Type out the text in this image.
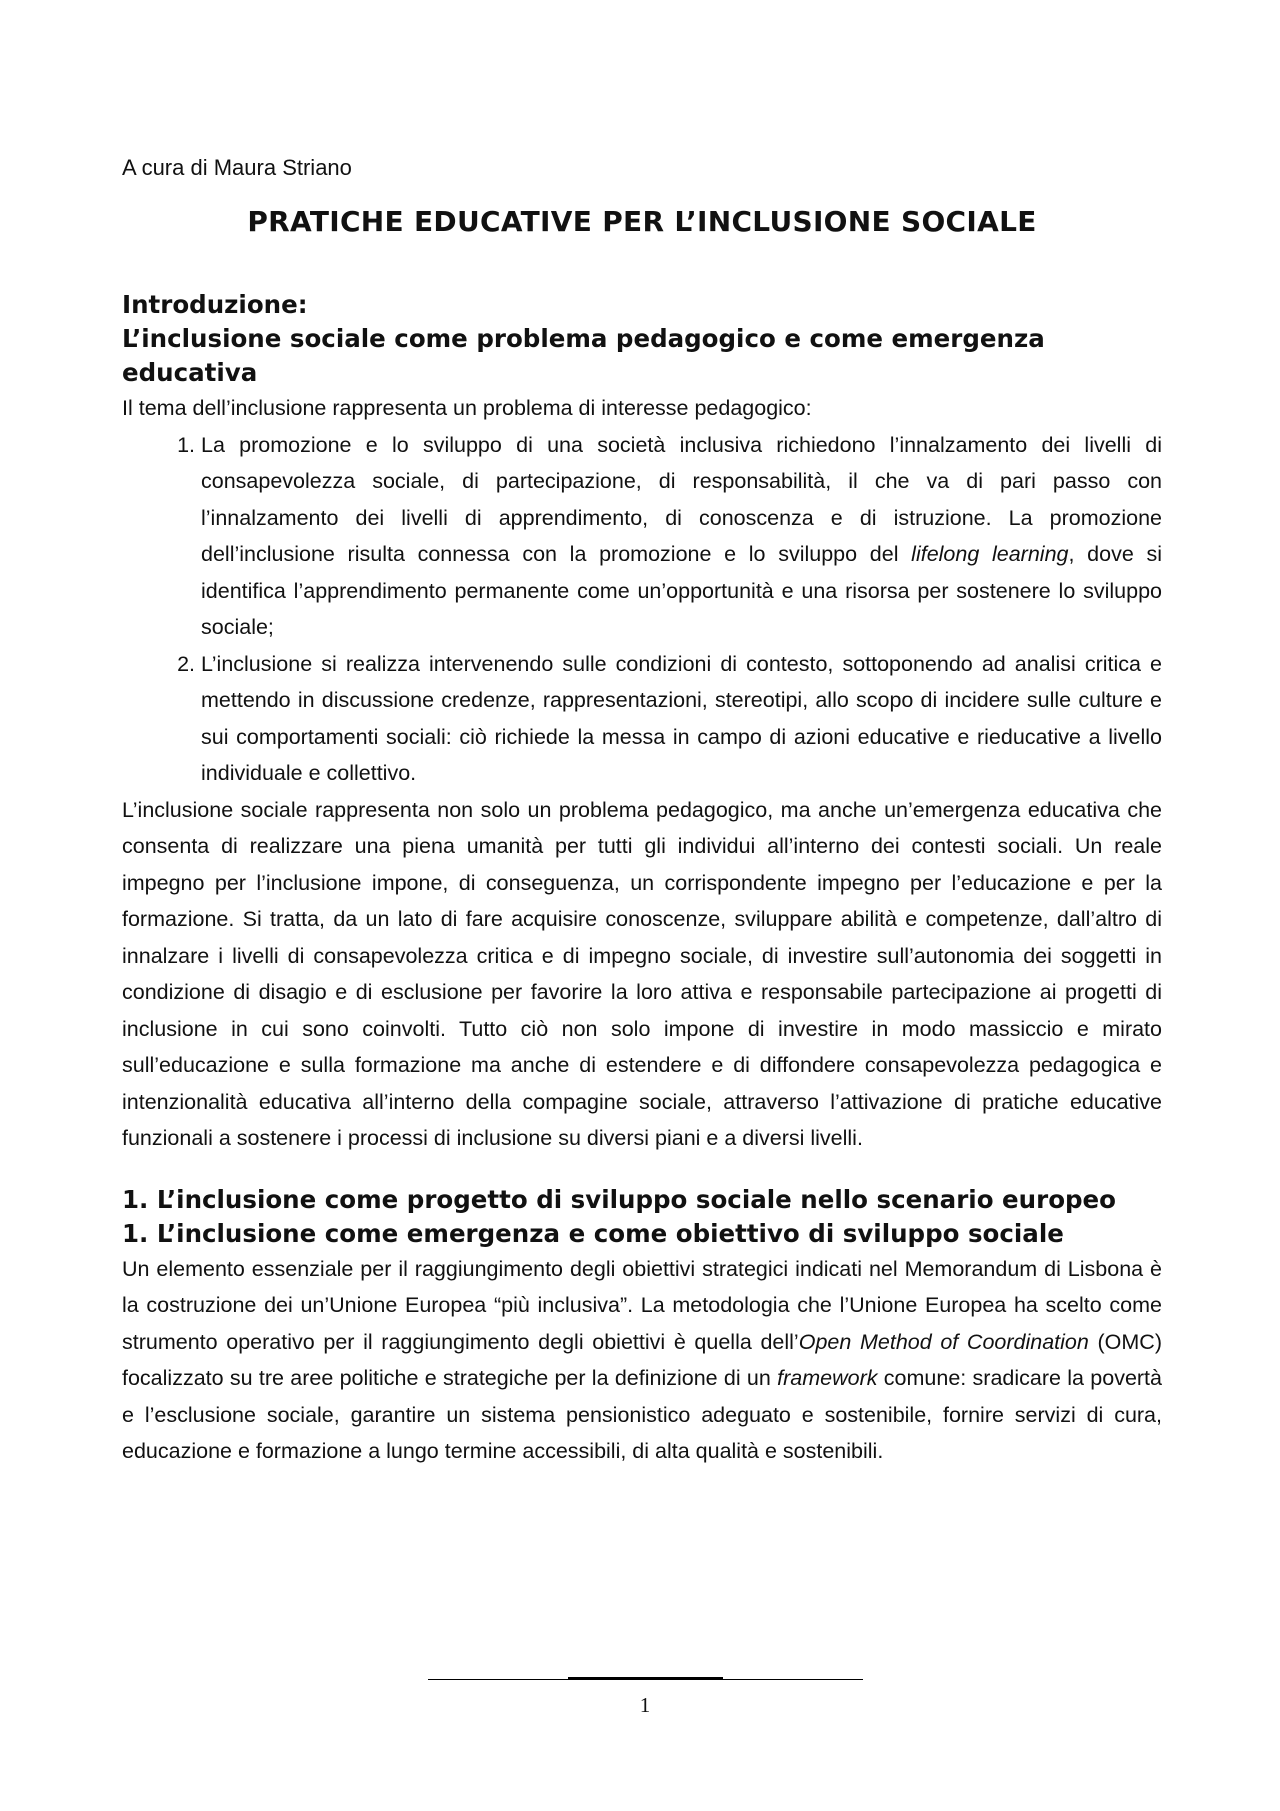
A cura di Maura Striano

PRATICHE EDUCATIVE PER L’INCLUSIONE SOCIALE
Introduzione:
L’inclusione sociale come problema pedagogico e come emergenza educativa

Il tema dell’inclusione rappresenta un problema di interesse pedagogico:

1. La promozione e lo sviluppo di una società inclusiva richiedono l’innalzamento dei livelli di consapevolezza sociale, di partecipazione, di responsabilità, il che va di pari passo con l’innalzamento dei livelli di apprendimento, di conoscenza e di istruzione. La promozione dell’inclusione risulta connessa con la promozione e lo sviluppo del lifelong learning, dove si identifica l’apprendimento permanente come un’opportunità e una risorsa per sostenere lo sviluppo sociale;
2. L’inclusione si realizza intervenendo sulle condizioni di contesto, sottoponendo ad analisi critica e mettendo in discussione credenze, rappresentazioni, stereotipi, allo scopo di incidere sulle culture e sui comportamenti sociali: ciò richiede la messa in campo di azioni educative e rieducative a livello individuale e collettivo.

L’inclusione sociale rappresenta non solo un problema pedagogico, ma anche un’emergenza educativa che consenta di realizzare una piena umanità per tutti gli individui all’interno dei contesti sociali. Un reale impegno per l’inclusione impone, di conseguenza, un corrispondente impegno per l’educazione e per la formazione. Si tratta, da un lato di fare acquisire conoscenze, sviluppare abilità e competenze, dall’altro di innalzare i livelli di consapevolezza critica e di impegno sociale, di investire sull’autonomia dei soggetti in condizione di disagio e di esclusione per favorire la loro attiva e responsabile partecipazione ai progetti di inclusione in cui sono coinvolti. Tutto ciò non solo impone di investire in modo massiccio e mirato sull’educazione e sulla formazione ma anche di estendere e di diffondere consapevolezza pedagogica e intenzionalità educativa all’interno della compagine sociale, attraverso l’attivazione di pratiche educative funzionali a sostenere i processi di inclusione su diversi piani e a diversi livelli.

1. L’inclusione come progetto di sviluppo sociale nello scenario europeo
1. L’inclusione come emergenza e come obiettivo di sviluppo sociale

Un elemento essenziale per il raggiungimento degli obiettivi strategici indicati nel Memorandum di Lisbona è la costruzione dei un’Unione Europea “più inclusiva”. La metodologia che l’Unione Europea ha scelto come strumento operativo per il raggiungimento degli obiettivi è quella dell’Open Method of Coordination (OMC) focalizzato su tre aree politiche e strategiche per la definizione di un framework comune: sradicare la povertà e l’esclusione sociale, garantire un sistema pensionistico adeguato e sostenibile, fornire servizi di cura, educazione e formazione a lungo termine accessibili, di alta qualità e sostenibili.

1
